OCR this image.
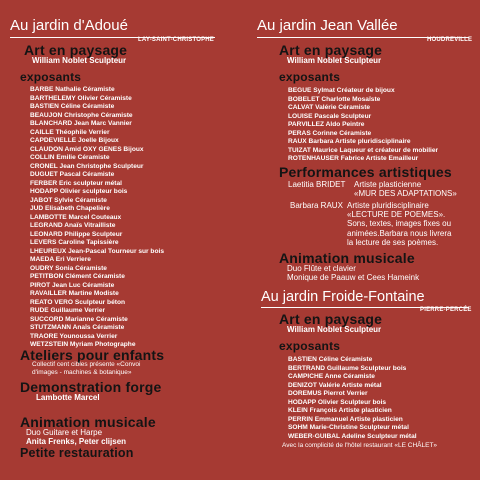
Au jardin d'Adoué
LAY-SAINT-CHRISTOPHE
Art en paysage
William Noblet Sculpteur
exposants
BARBE Nathalie Céramiste
BARTHELEMY Olivier Céramiste
BASTIEN Céline Céramiste
BEAUJON Christophe Céramiste
BLANCHARD Jean Marc Vannier
CAILLE Théophile Verrier
CAPDEVIELLE Joelle Bijoux
CLAUDON Amid OXY GENES Bijoux
COLLIN Emilie Céramiste
CRONEL Jean Christophe Sculpteur
DUGUET Pascal Céramiste
FERBER Eric sculpteur métal
HODAPP Olivier sculpteur bois
JABOT Sylvie Céramiste
JUD Elisabeth Chapelière
LAMBOTTE Marcel Couteaux
LEGRAND Anaïs Vitrailliste
LEONARD Philippe Sculpteur
LEVERS Caroline Tapissière
LHEUREUX Jean-Pascal Tourneur sur bois
MAEDA Eri Verriere
OUDRY Sonia Céramiste
PETITBON Clément Céramiste
PIROT Jean Luc Céramiste
RAVAILLER Martine Modiste
REATO VERO Sculpteur béton
RUDE Guillaume Verrier
SUCCORD Marianne Céramiste
STUTZMANN Anaïs Céramiste
TRAORE Younoussa Verrier
WETZSTEIN Myriam Photographe
Ateliers pour enfants
Collectif cent cibles présente «Convoi
d'images - machines & botanique»
Demonstration forge
Lambotte Marcel
Animation musicale
Duo Guitare et Harpe
Anita Frenks, Peter clijsen
Petite restauration
Au jardin Jean Vallée
HOUDREVILLE
Art en paysage
William Noblet Sculpteur
exposants
BEGUE Sylmat Créateur de bijoux
BOBELET Charlotte Mosaïste
CALVAT Valérie Céramiste
LOUISE Pascale Sculpteur
PARVILLEZ Aldo Peintre
PERAS Corinne Céramiste
RAUX Barbara Artiste pluridisciplinaire
TUIZAT Maurice Laqueur et créateur de mobilier
ROTENHAUSER Fabrice Artiste Emailleur
Performances artistiques
Laetitia BRIDET Artiste plasticienne
«MUR DES ADAPTATIONS»
Barbara RAUX Artiste pluridisciplinaire
«LECTURE DE POEMES».
Sons, textes, images fixes ou
animées.Barbara nous livrera
la lecture de ses poèmes.
Animation musicale
Duo Flûte et clavier
Monique de Paauw et Cees Hameink
Au jardin Froide-Fontaine
PIERRE-PERCÉE
Art en paysage
William Noblet Sculpteur
exposants
BASTIEN Céline Céramiste
BERTRAND Guillaume Sculpteur bois
CAMPICHE Anne Céramiste
DENIZOT Valérie Artiste métal
DOREMUS Pierrot Verrier
HODAPP Olivier Sculpteur bois
KLEIN François Artiste plasticien
PERRIN Emmanuel Artiste plasticien
SOHM Marie-Christine Sculpteur métal
WEBER-GUIBAL Adeline Sculpteur métal
Avec la complicité de l'hôtel restaurant «LE CHÂLET»
